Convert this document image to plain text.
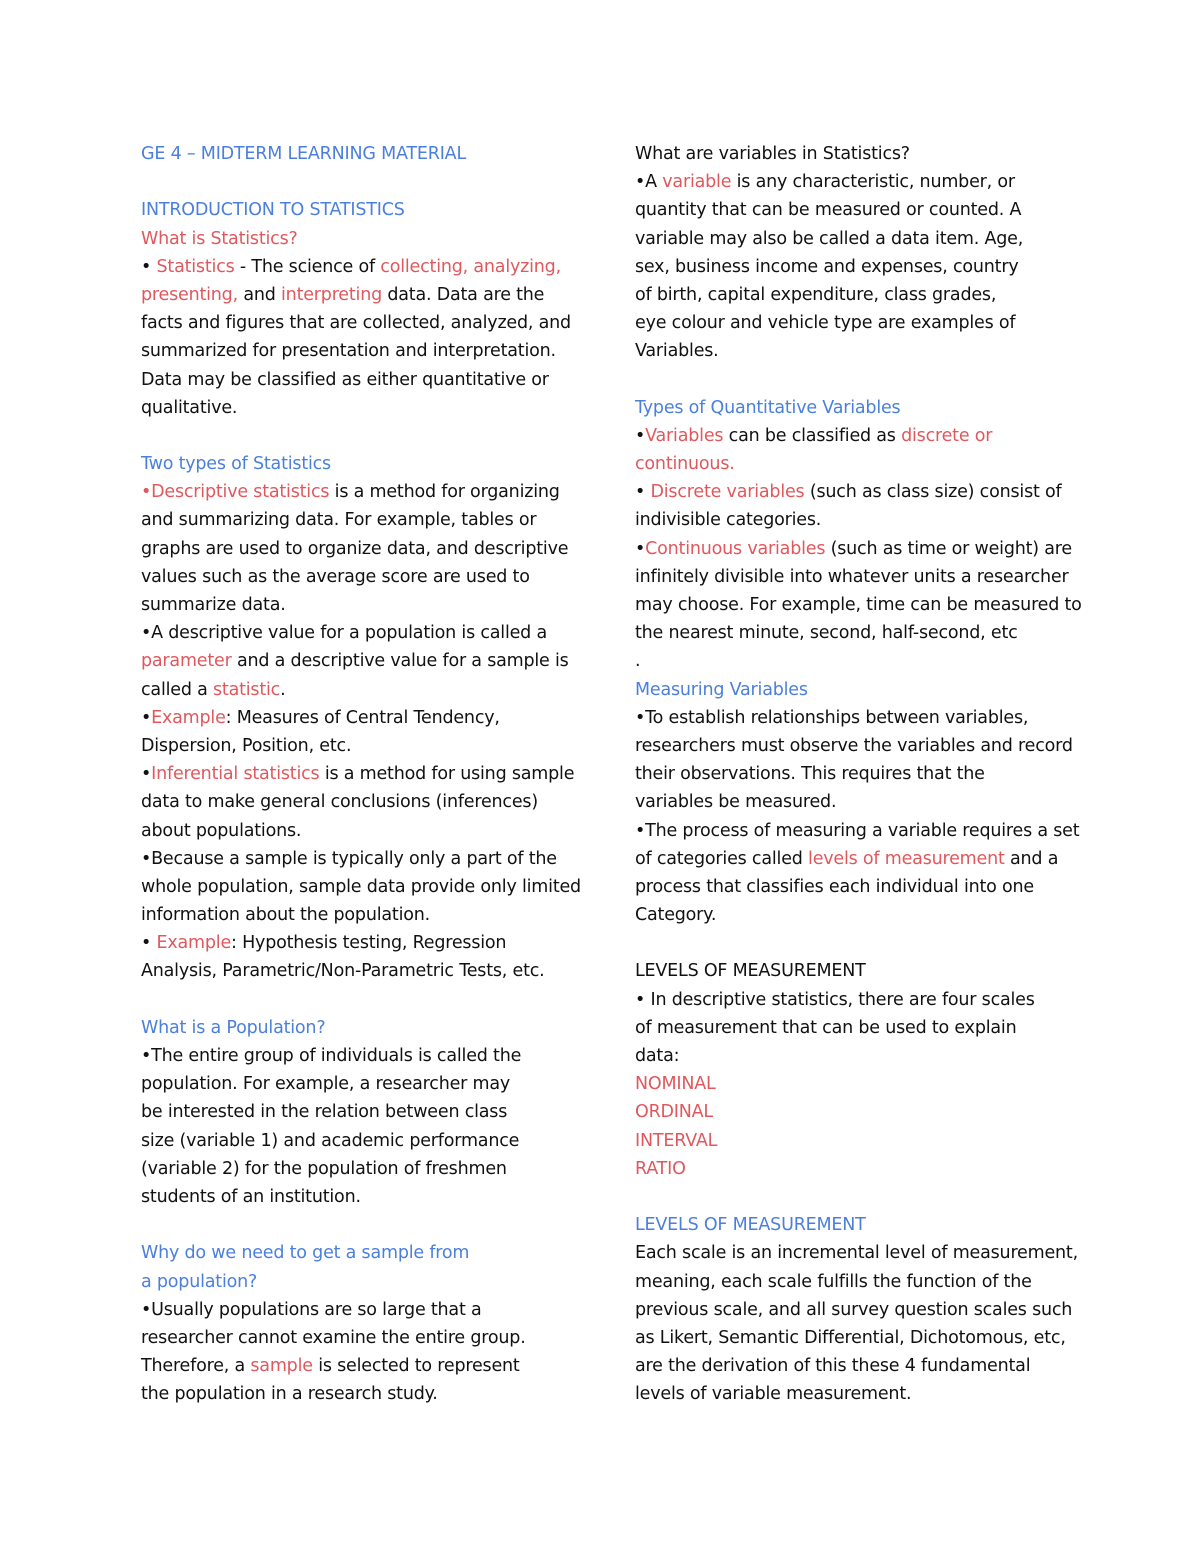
GE 4 – MIDTERM LEARNING MATERIAL
INTRODUCTION TO STATISTICS
What is Statistics?
• Statistics - The science of collecting, analyzing,
presenting, and interpreting data. Data are the
facts and figures that are collected, analyzed, and
summarized for presentation and interpretation.
Data may be classified as either quantitative or
qualitative.
Two types of Statistics
•Descriptive statistics is a method for organizing
and summarizing data. For example, tables or
graphs are used to organize data, and descriptive
values such as the average score are used to
summarize data.
•A descriptive value for a population is called a
parameter and a descriptive value for a sample is
called a statistic.
•Example: Measures of Central Tendency,
Dispersion, Position, etc.
•Inferential statistics is a method for using sample
data to make general conclusions (inferences)
about populations.
•Because a sample is typically only a part of the
whole population, sample data provide only limited
information about the population.
• Example: Hypothesis testing, Regression
Analysis, Parametric/Non-Parametric Tests, etc.
What is a Population?
•The entire group of individuals is called the
population. For example, a researcher may
be interested in the relation between class
size (variable 1) and academic performance
(variable 2) for the population of freshmen
students of an institution.
Why do we need to get a sample from
a population?
•Usually populations are so large that a
researcher cannot examine the entire group.
Therefore, a sample is selected to represent
the population in a research study.
What are variables in Statistics?
•A variable is any characteristic, number, or
quantity that can be measured or counted. A
variable may also be called a data item. Age,
sex, business income and expenses, country
of birth, capital expenditure, class grades,
eye colour and vehicle type are examples of
Variables.
Types of Quantitative Variables
•Variables can be classified as discrete or
continuous.
• Discrete variables (such as class size) consist of
indivisible categories.
•Continuous variables (such as time or weight) are
infinitely divisible into whatever units a researcher
may choose. For example, time can be measured to
the nearest minute, second, half-second, etc
.
Measuring Variables
•To establish relationships between variables,
researchers must observe the variables and record
their observations. This requires that the
variables be measured.
•The process of measuring a variable requires a set
of categories called levels of measurement and a
process that classifies each individual into one
Category.
LEVELS OF MEASUREMENT
• In descriptive statistics, there are four scales
of measurement that can be used to explain
data:
NOMINAL
ORDINAL
INTERVAL
RATIO
LEVELS OF MEASUREMENT
Each scale is an incremental level of measurement,
meaning, each scale fulfills the function of the
previous scale, and all survey question scales such
as Likert, Semantic Differential, Dichotomous, etc,
are the derivation of this these 4 fundamental
levels of variable measurement.
